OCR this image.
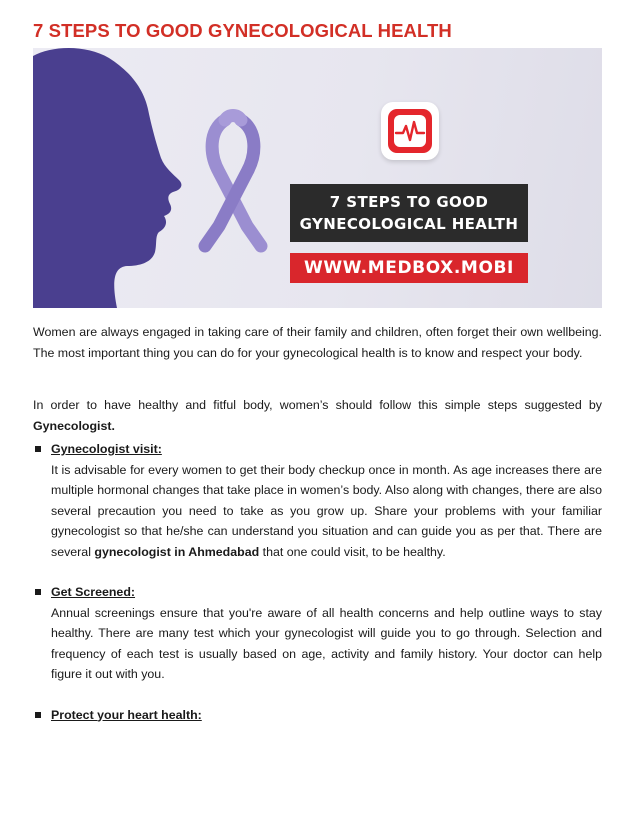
7 STEPS TO GOOD GYNECOLOGICAL HEALTH
7 STEPS TO GOOD
GYNECOLOGICAL HEALTH
WWW.MEDBOX.MOBI
Women are always engaged in taking care of their family and children, often forget their own wellbeing. The most important thing you can do for your gynecological health is to know and respect your body.
In order to have healthy and fitful body, women’s should follow this simple steps suggested by Gynecologist.
Gynecologist visit:
It is advisable for every women to get their body checkup once in month. As age increases there are multiple hormonal changes that take place in women’s body. Also along with changes, there are also several precaution you need to take as you grow up. Share your problems with your familiar gynecologist so that he/she can understand you situation and can guide you as per that. There are several gynecologist in Ahmedabad that one could visit, to be healthy.
Get Screened:
Annual screenings ensure that you're aware of all health concerns and help outline ways to stay healthy. There are many test which your gynecologist will guide you to go through. Selection and frequency of each test is usually based on age, activity and family history. Your doctor can help figure it out with you.
Protect your heart health:
